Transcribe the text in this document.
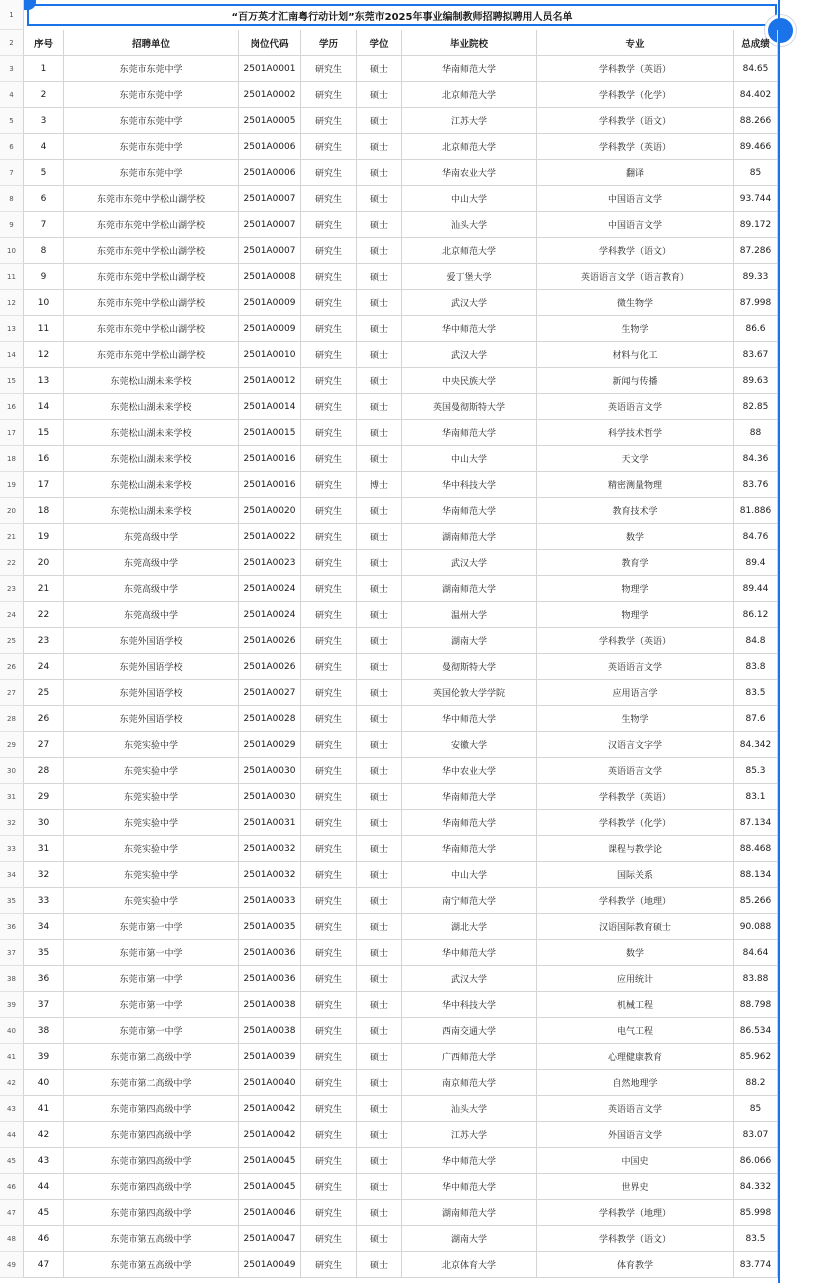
1	“百万英才汇南粤行动计划”东莞市2025年事业编制教师招聘拟聘用人员名单
2	序号	招聘单位	岗位代码	学历	学位	毕业院校	专业	总成绩
3	1	东莞市东莞中学	2501A0001	研究生	硕士	华南师范大学	学科教学（英语）	84.65
4	2	东莞市东莞中学	2501A0002	研究生	硕士	北京师范大学	学科教学（化学）	84.402
5	3	东莞市东莞中学	2501A0005	研究生	硕士	江苏大学	学科教学（语文）	88.266
6	4	东莞市东莞中学	2501A0006	研究生	硕士	北京师范大学	学科教学（英语）	89.466
7	5	东莞市东莞中学	2501A0006	研究生	硕士	华南农业大学	翻译	85
8	6	东莞市东莞中学松山湖学校	2501A0007	研究生	硕士	中山大学	中国语言文学	93.744
9	7	东莞市东莞中学松山湖学校	2501A0007	研究生	硕士	汕头大学	中国语言文学	89.172
10	8	东莞市东莞中学松山湖学校	2501A0007	研究生	硕士	北京师范大学	学科教学（语文）	87.286
11	9	东莞市东莞中学松山湖学校	2501A0008	研究生	硕士	爱丁堡大学	英语语言文学（语言教育）	89.33
12	10	东莞市东莞中学松山湖学校	2501A0009	研究生	硕士	武汉大学	微生物学	87.998
13	11	东莞市东莞中学松山湖学校	2501A0009	研究生	硕士	华中师范大学	生物学	86.6
14	12	东莞市东莞中学松山湖学校	2501A0010	研究生	硕士	武汉大学	材料与化工	83.67
15	13	东莞松山湖未来学校	2501A0012	研究生	硕士	中央民族大学	新闻与传播	89.63
16	14	东莞松山湖未来学校	2501A0014	研究生	硕士	英国曼彻斯特大学	英语语言文学	82.85
17	15	东莞松山湖未来学校	2501A0015	研究生	硕士	华南师范大学	科学技术哲学	88
18	16	东莞松山湖未来学校	2501A0016	研究生	硕士	中山大学	天文学	84.36
19	17	东莞松山湖未来学校	2501A0016	研究生	博士	华中科技大学	精密测量物理	83.76
20	18	东莞松山湖未来学校	2501A0020	研究生	硕士	华南师范大学	教育技术学	81.886
21	19	东莞高级中学	2501A0022	研究生	硕士	湖南师范大学	数学	84.76
22	20	东莞高级中学	2501A0023	研究生	硕士	武汉大学	教育学	89.4
23	21	东莞高级中学	2501A0024	研究生	硕士	湖南师范大学	物理学	89.44
24	22	东莞高级中学	2501A0024	研究生	硕士	温州大学	物理学	86.12
25	23	东莞外国语学校	2501A0026	研究生	硕士	湖南大学	学科教学（英语）	84.8
26	24	东莞外国语学校	2501A0026	研究生	硕士	曼彻斯特大学	英语语言文学	83.8
27	25	东莞外国语学校	2501A0027	研究生	硕士	英国伦敦大学学院	应用语言学	83.5
28	26	东莞外国语学校	2501A0028	研究生	硕士	华中师范大学	生物学	87.6
29	27	东莞实验中学	2501A0029	研究生	硕士	安徽大学	汉语言文字学	84.342
30	28	东莞实验中学	2501A0030	研究生	硕士	华中农业大学	英语语言文学	85.3
31	29	东莞实验中学	2501A0030	研究生	硕士	华南师范大学	学科教学（英语）	83.1
32	30	东莞实验中学	2501A0031	研究生	硕士	华南师范大学	学科教学（化学）	87.134
33	31	东莞实验中学	2501A0032	研究生	硕士	华南师范大学	课程与教学论	88.468
34	32	东莞实验中学	2501A0032	研究生	硕士	中山大学	国际关系	88.134
35	33	东莞实验中学	2501A0033	研究生	硕士	南宁师范大学	学科教学（地理）	85.266
36	34	东莞市第一中学	2501A0035	研究生	硕士	湖北大学	汉语国际教育硕士	90.088
37	35	东莞市第一中学	2501A0036	研究生	硕士	华中师范大学	数学	84.64
38	36	东莞市第一中学	2501A0036	研究生	硕士	武汉大学	应用统计	83.88
39	37	东莞市第一中学	2501A0038	研究生	硕士	华中科技大学	机械工程	88.798
40	38	东莞市第一中学	2501A0038	研究生	硕士	西南交通大学	电气工程	86.534
41	39	东莞市第二高级中学	2501A0039	研究生	硕士	广西师范大学	心理健康教育	85.962
42	40	东莞市第二高级中学	2501A0040	研究生	硕士	南京师范大学	自然地理学	88.2
43	41	东莞市第四高级中学	2501A0042	研究生	硕士	汕头大学	英语语言文学	85
44	42	东莞市第四高级中学	2501A0042	研究生	硕士	江苏大学	外国语言文学	83.07
45	43	东莞市第四高级中学	2501A0045	研究生	硕士	华中师范大学	中国史	86.066
46	44	东莞市第四高级中学	2501A0045	研究生	硕士	华中师范大学	世界史	84.332
47	45	东莞市第四高级中学	2501A0046	研究生	硕士	湖南师范大学	学科教学（地理）	85.998
48	46	东莞市第五高级中学	2501A0047	研究生	硕士	湖南大学	学科教学（语文）	83.5
49	47	东莞市第五高级中学	2501A0049	研究生	硕士	北京体育大学	体育教学	83.774
